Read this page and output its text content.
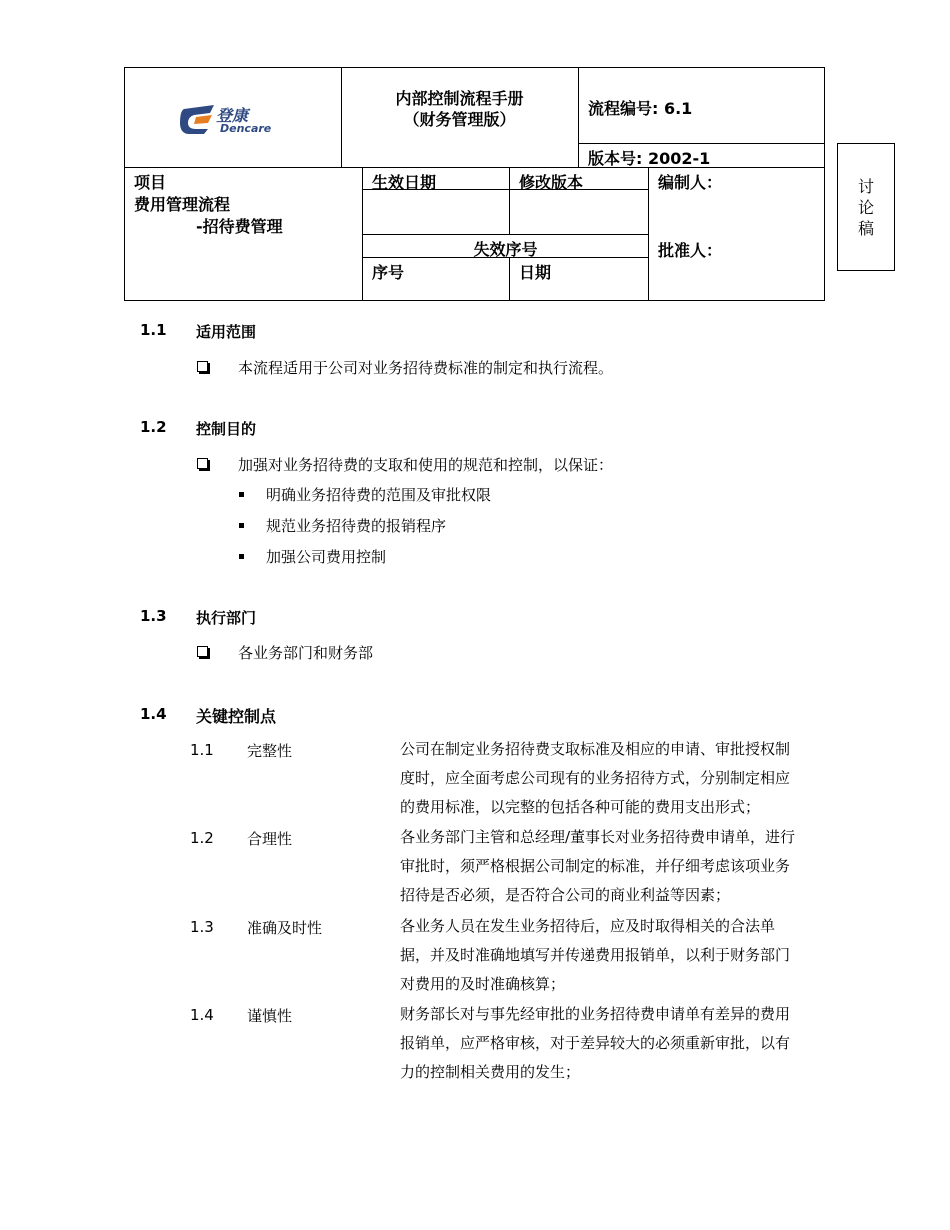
登康
Dencare
内部控制流程手册
（财务管理版）
流程编号: 6.1
版本号: 2002-1
项目
费用管理流程
-招待费管理
生效日期	修改版本
失效序号
序号	日期
编制人：
批准人：
讨
论
稿
1.1 适用范围
本流程适用于公司对业务招待费标准的制定和执行流程。
1.2 控制目的
加强对业务招待费的支取和使用的规范和控制，以保证：
明确业务招待费的范围及审批权限
规范业务招待费的报销程序
加强公司费用控制
1.3 执行部门
各业务部门和财务部
1.4 关键控制点
1.1 完整性	公司在制定业务招待费支取标准及相应的申请、审批授权制
度时，应全面考虑公司现有的业务招待方式，分别制定相应
的费用标准，以完整的包括各种可能的费用支出形式；
1.2 合理性	各业务部门主管和总经理/董事长对业务招待费申请单，进行
审批时，须严格根据公司制定的标准，并仔细考虑该项业务
招待是否必须，是否符合公司的商业利益等因素；
1.3 准确及时性	各业务人员在发生业务招待后，应及时取得相关的合法单
据，并及时准确地填写并传递费用报销单，以利于财务部门
对费用的及时准确核算；
1.4 谨慎性	财务部长对与事先经审批的业务招待费申请单有差异的费用
报销单，应严格审核，对于差异较大的必须重新审批，以有
力的控制相关费用的发生；
